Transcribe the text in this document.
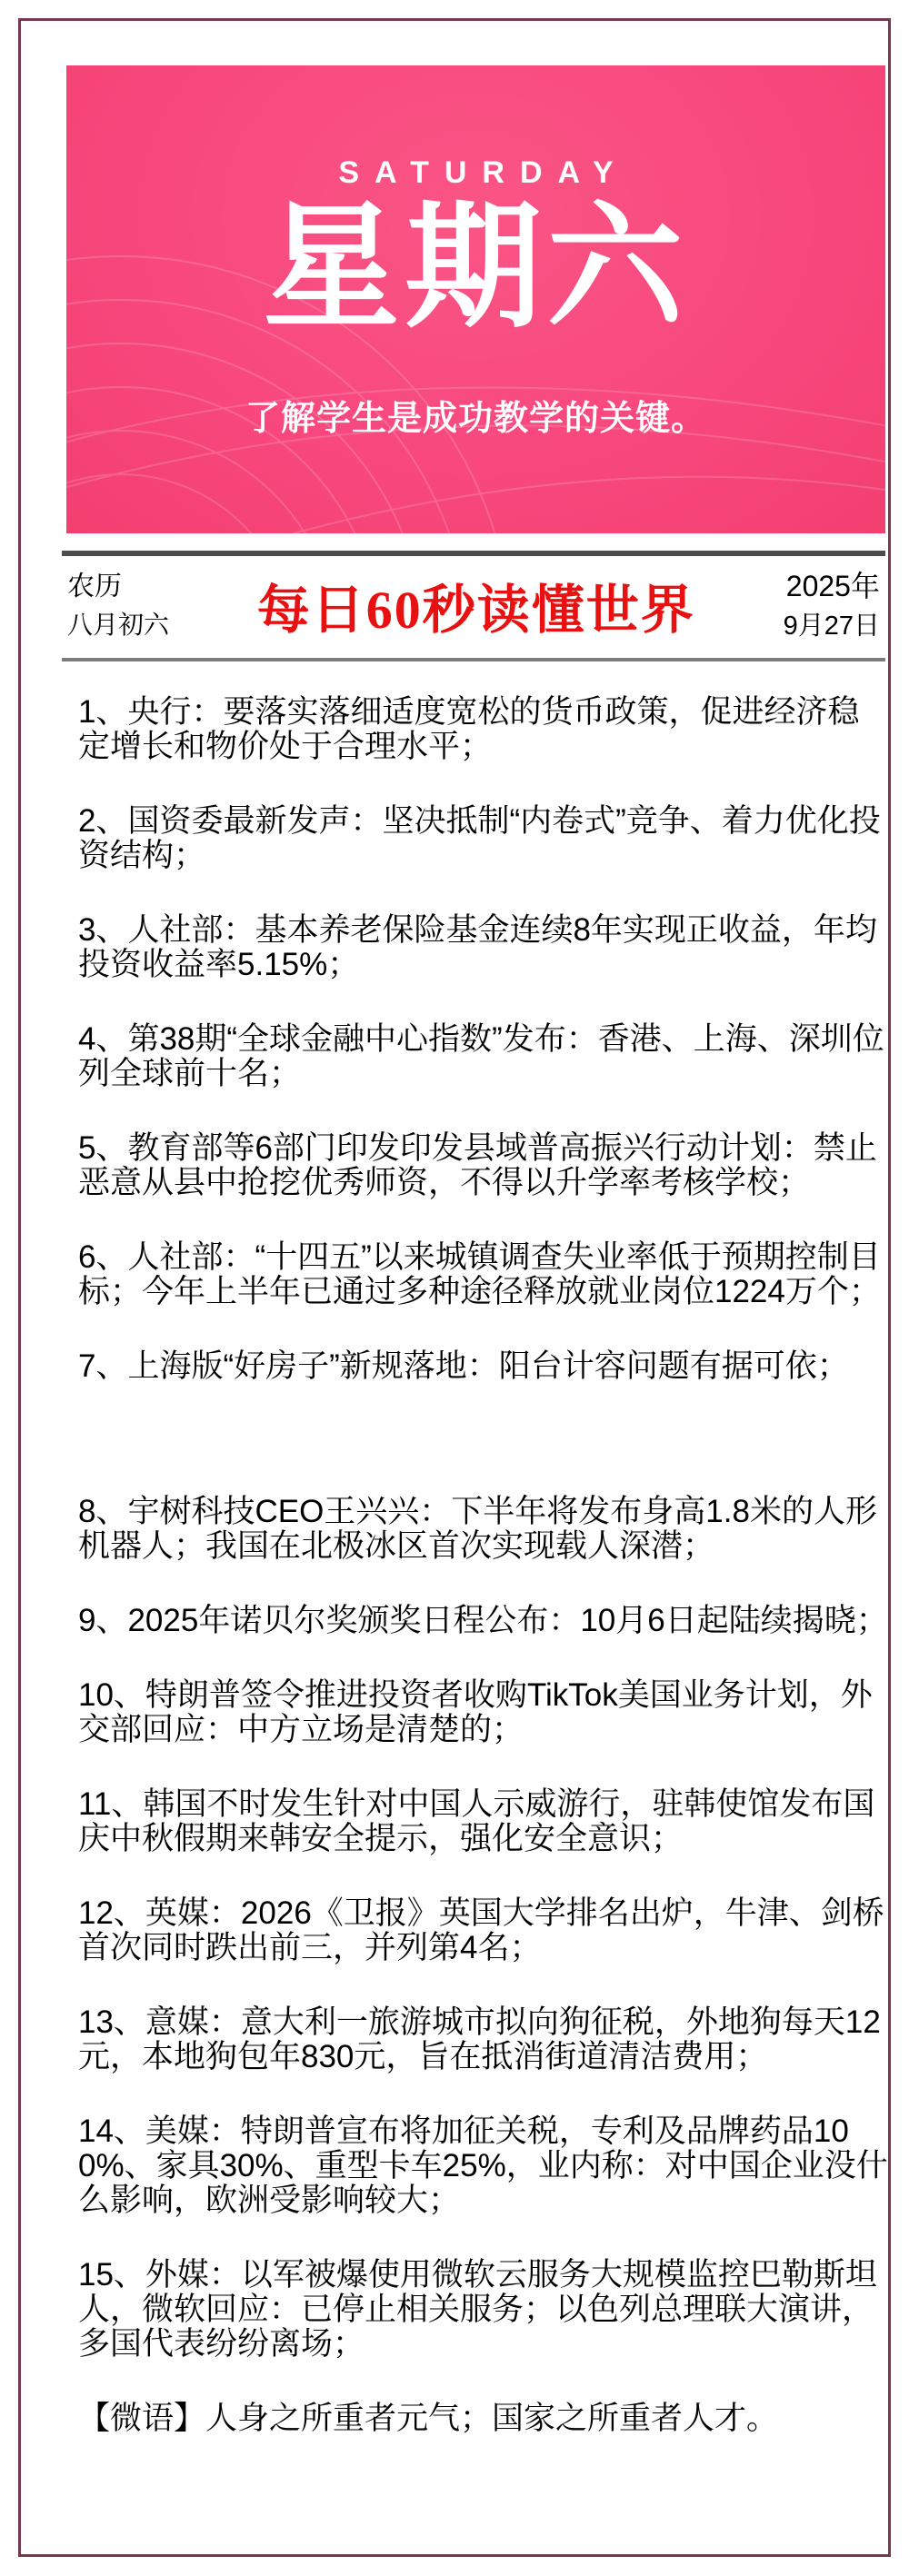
SATURDAY
星期六
了解学生是成功教学的关键。
农历
八月初六 每日60秒读懂世界	2025年
9月27日

1、央行：要落实落细适度宽松的货币政策，促进经济稳定增长和物价处于合理水平；

2、国资委最新发声：坚决抵制“内卷式”竞争、着力优化投资结构；

3、人社部：基本养老保险基金连续8年实现正收益，年均投资收益率5.15%；

4、第38期“全球金融中心指数”发布：香港、上海、深圳位列全球前十名；

5、教育部等6部门印发印发县域普高振兴行动计划：禁止恶意从县中抢挖优秀师资，不得以升学率考核学校；

6、人社部：“十四五”以来城镇调查失业率低于预期控制目标；今年上半年已通过多种途径释放就业岗位1224万个；

7、上海版“好房子”新规落地：阳台计容问题有据可依；

8、宇树科技CEO王兴兴：下半年将发布身高1.8米的人形机器人；我国在北极冰区首次实现载人深潜；

9、2025年诺贝尔奖颁奖日程公布：10月6日起陆续揭晓；

10、特朗普签令推进投资者收购TikTok美国业务计划，外交部回应：中方立场是清楚的；

11、韩国不时发生针对中国人示威游行，驻韩使馆发布国庆中秋假期来韩安全提示，强化安全意识；

12、英媒：2026《卫报》英国大学排名出炉，牛津、剑桥首次同时跌出前三，并列第4名；

13、意媒：意大利一旅游城市拟向狗征税，外地狗每天12元，本地狗包年830元，旨在抵消街道清洁费用；

14、美媒：特朗普宣布将加征关税，专利及品牌药品100%、家具30%、重型卡车25%，业内称：对中国企业没什么影响，欧洲受影响较大；

15、外媒：以军被爆使用微软云服务大规模监控巴勒斯坦人，微软回应：已停止相关服务；以色列总理联大演讲，多国代表纷纷离场；

【微语】人身之所重者元气；国家之所重者人才。
